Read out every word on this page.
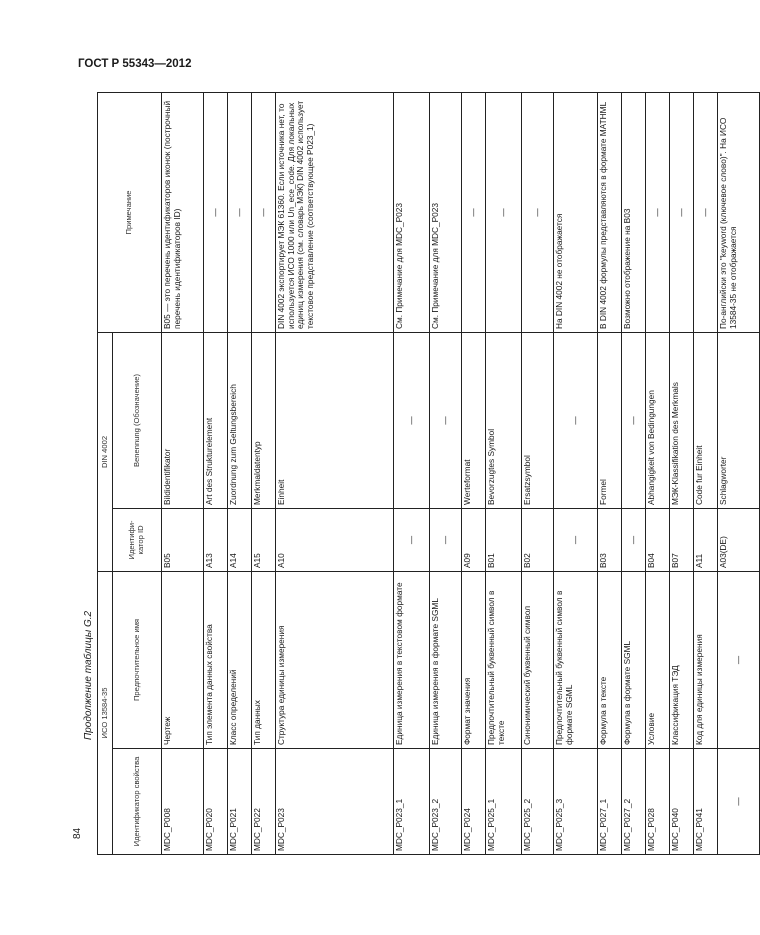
ГОСТ Р 55343—2012
84
Продолжение таблицы G.2 ИСО 13584-35		DIN 4002		Примечание
Идентификатор свойства	Предпочтительное имя	Идентифи- катор ID	Benennung (Обозначение)	
MDC_P008	Чертеж	B05	Bildidentifikator	B05 — это перечень идентификаторов иконок (построчный перечень идентификаторов ID)
MDC_P020	Тип элемента данных свойства	A13	Art des Strukturelement	—
MDC_P021	Класс определений	A14	Zuordnung zum Geltungsbereich	—
MDC_P022	Тип данных	A15	Merkmaldatentyp	—
MDC_P023	Структура единицы измерения	A10	Einheit	DIN 4002 экспортирует МЭК 61360. Если источника нет, то используется ИСО 1000 или Un_ece_code. Для локальных единиц измерения (см. словарь МЭК) DIN 4002 использует текстовое представление (соответствующее P023_1)
MDC_P023_1	Единица измерения в текстовом формате	—	—	См. Примечание для MDC_P023
MDC_P023_2	Единица измерения в формате SGML	—	—	См. Примечание для MDC_P023
MDC_P024	Формат значения	A09	Werteformat	—
MDC_P025_1	Предпочтительный буквенный символ в тексте	B01	Bevorzugtes Symbol	—
MDC_P025_2	Синонимический буквенный символ	B02	Ersatzsymbol	—
MDC_P025_3	Предпочтительный буквенный символ в формате SGML	—	—	На DIN 4002 не отображается
MDC_P027_1	Формула в тексте	B03	Formel	В DIN 4002 формулы представляются в формате MATHML
MDC_P027_2	Формула в формате SGML	—	—	Возможно отображение на B03
MDC_P028	Условие	B04	Abhangigkeit von Bedingungen	—
MDC_P040	Классификация ТЭД	B07	МЭК-Klassifikation des Merkmals	—
MDC_P041	Код для единицы измерения	A11	Code fur Einheit	—
—	—	A03(DE)	Schlagworter	По-английски это "keyword (ключевое слово)". На ИСО 13584-35 не отображается
